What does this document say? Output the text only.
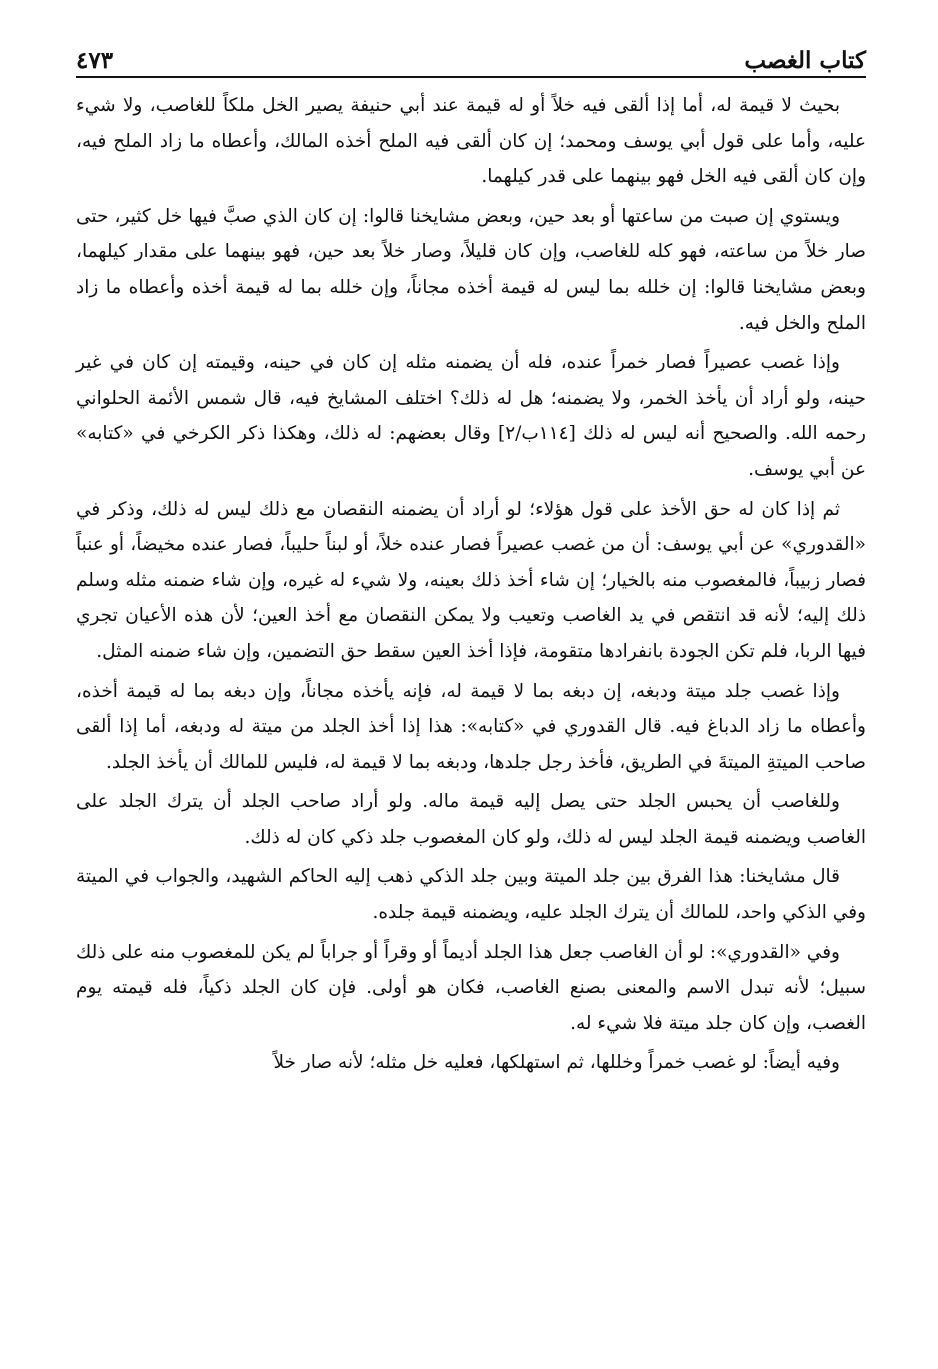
كتاب الغصب
٤٧٣

بحيث لا قيمة له، أما إذا ألقى فيه خلاً أو له قيمة عند أبي حنيفة يصير الخل ملكاً للغاصب، ولا شيء عليه، وأما على قول أبي يوسف ومحمد؛ إن كان ألقى فيه الملح أخذه المالك، وأعطاه ما زاد الملح فيه، وإن كان ألقى فيه الخل فهو بينهما على قدر كيلهما.

ويستوي إن صبت من ساعتها أو بعد حين، وبعض مشايخنا قالوا: إن كان الذي صبَّ فيها خل كثير، حتى صار خلاً من ساعته، فهو كله للغاصب، وإن كان قليلاً، وصار خلاً بعد حين، فهو بينهما على مقدار كيلهما، وبعض مشايخنا قالوا: إن خلله بما ليس له قيمة أخذه مجاناً، وإن خلله بما له قيمة أخذه وأعطاه ما زاد الملح والخل فيه.

وإذا غصب عصيراً فصار خمراً عنده، فله أن يضمنه مثله إن كان في حينه، وقيمته إن كان في غير حينه، ولو أراد أن يأخذ الخمر، ولا يضمنه؛ هل له ذلك؟ اختلف المشايخ فيه، قال شمس الأئمة الحلواني رحمه الله. والصحيح أنه ليس له ذلك [١١٤ب/٢] وقال بعضهم: له ذلك، وهكذا ذكر الكرخي في «كتابه» عن أبي يوسف.

ثم إذا كان له حق الأخذ على قول هؤلاء؛ لو أراد أن يضمنه النقصان مع ذلك ليس له ذلك، وذكر في «القدوري» عن أبي يوسف: أن من غصب عصيراً فصار عنده خلاً، أو لبناً حليباً، فصار عنده مخيضاً، أو عنباً فصار زبيباً، فالمغصوب منه بالخيار؛ إن شاء أخذ ذلك بعينه، ولا شيء له غيره، وإن شاء ضمنه مثله وسلم ذلك إليه؛ لأنه قد انتقص في يد الغاصب وتعيب ولا يمكن النقصان مع أخذ العين؛ لأن هذه الأعيان تجري فيها الربا، فلم تكن الجودة بانفرادها متقومة، فإذا أخذ العين سقط حق التضمين، وإن شاء ضمنه المثل.

وإذا غصب جلد ميتة ودبغه، إن دبغه بما لا قيمة له، فإنه يأخذه مجاناً، وإن دبغه بما له قيمة أخذه، وأعطاه ما زاد الدباغ فيه. قال القدوري في «كتابه»: هذا إذا أخذ الجلد من ميتة له ودبغه، أما إذا ألقى صاحب الميتةِ الميتةَ في الطريق، فأخذ رجل جلدها، ودبغه بما لا قيمة له، فليس للمالك أن يأخذ الجلد.

وللغاصب أن يحبس الجلد حتى يصل إليه قيمة ماله. ولو أراد صاحب الجلد أن يترك الجلد على الغاصب ويضمنه قيمة الجلد ليس له ذلك، ولو كان المغصوب جلد ذكي كان له ذلك.

قال مشايخنا: هذا الفرق بين جلد الميتة وبين جلد الذكي ذهب إليه الحاكم الشهيد، والجواب في الميتة وفي الذكي واحد، للمالك أن يترك الجلد عليه، ويضمنه قيمة جلده.

وفي «القدوري»: لو أن الغاصب جعل هذا الجلد أديماً أو وقراً أو جراباً لم يكن للمغصوب منه على ذلك سبيل؛ لأنه تبدل الاسم والمعنى بصنع الغاصب، فكان هو أولى. فإن كان الجلد ذكياً، فله قيمته يوم الغصب، وإن كان جلد ميتة فلا شيء له.

وفيه أيضاً: لو غصب خمراً وخللها، ثم استهلكها، فعليه خل مثله؛ لأنه صار خلاً
